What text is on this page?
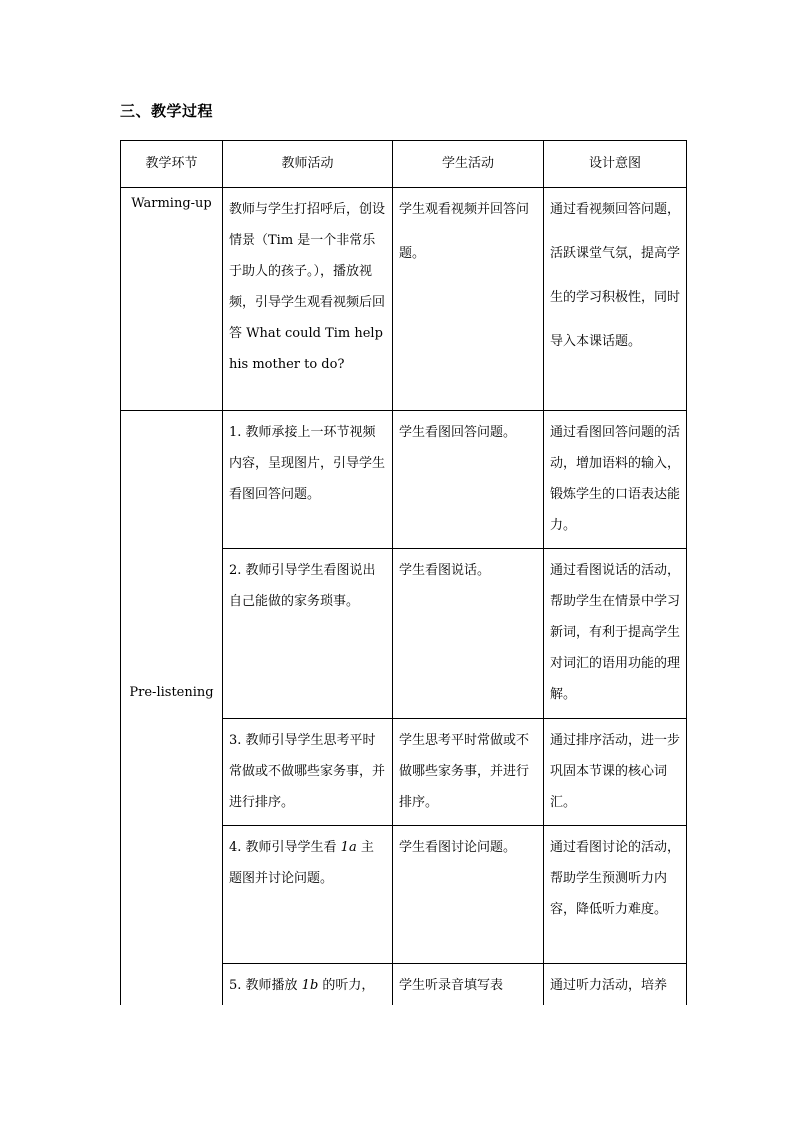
三、教学过程
教学环节	教师活动	学生活动	设计意图
Warming-up	教师与学生打招呼后，创设情景（Tim 是一个非常乐于助人的孩子。），播放视频，引导学生观看视频后回答 What could Tim help his mother to do?	学生观看视频并回答问题。	通过看视频回答问题，活跃课堂气氛，提高学生的学习积极性，同时导入本课话题。

Pre-listening	1. 教师承接上一环节视频内容，呈现图片，引导学生看图回答问题。	学生看图回答问题。	通过看图回答问题的活动，增加语料的输入，锻炼学生的口语表达能力。

	2. 教师引导学生看图说出自己能做的家务琐事。	学生看图说话。	通过看图说话的活动，帮助学生在情景中学习新词，有利于提高学生对词汇的语用功能的理解。

	3. 教师引导学生思考平时常做或不做哪些家务事，并进行排序。	学生思考平时常做或不做哪些家务事，并进行排序。	通过排序活动，进一步巩固本节课的核心词汇。

	4. 教师引导学生看 1a 主题图并讨论问题。	学生看图讨论问题。	通过看图讨论的活动，帮助学生预测听力内容，降低听力难度。

	5. 教师播放 1b 的听力，	学生听录音填写表	通过听力活动，培养
